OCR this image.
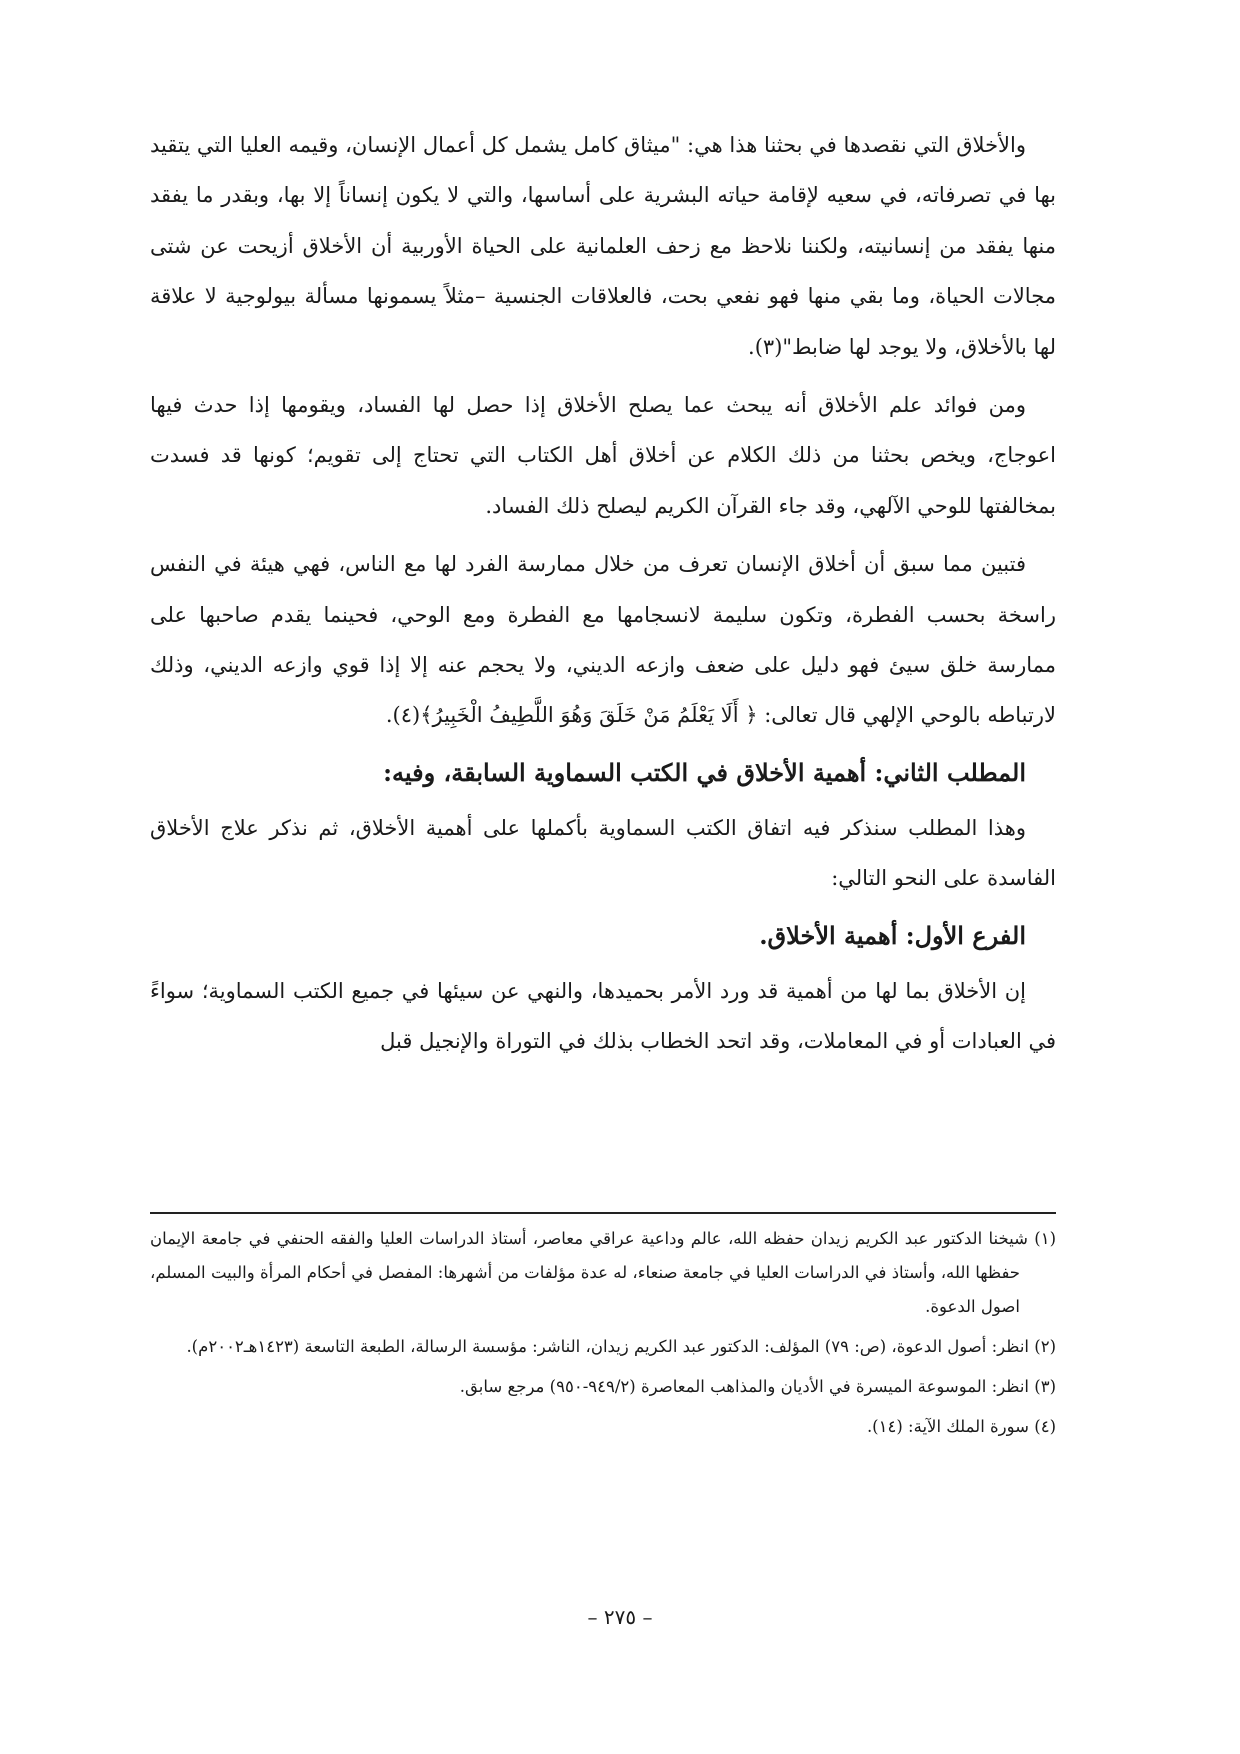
والأخلاق التي نقصدها في بحثنا هذا هي: "ميثاق كامل يشمل كل أعمال الإنسان، وقيمه العليا التي يتقيد بها في تصرفاته، في سعيه لإقامة حياته البشرية على أساسها، والتي لا يكون إنساناً إلا بها، وبقدر ما يفقد منها يفقد من إنسانيته، ولكننا نلاحظ مع زحف العلمانية على الحياة الأوربية أن الأخلاق أزيحت عن شتى مجالات الحياة، وما بقي منها فهو نفعي بحت، فالعلاقات الجنسية –مثلاً يسمونها مسألة بيولوجية لا علاقة لها بالأخلاق، ولا يوجد لها ضابط"(٣).

ومن فوائد علم الأخلاق أنه يبحث عما يصلح الأخلاق إذا حصل لها الفساد، ويقومها إذا حدث فيها اعوجاج، ويخص بحثنا من ذلك الكلام عن أخلاق أهل الكتاب التي تحتاج إلى تقويم؛ كونها قد فسدت بمخالفتها للوحي الآلهي، وقد جاء القرآن الكريم ليصلح ذلك الفساد.

فتبين مما سبق أن أخلاق الإنسان تعرف من خلال ممارسة الفرد لها مع الناس، فهي هيئة في النفس راسخة بحسب الفطرة، وتكون سليمة لانسجامها مع الفطرة ومع الوحي، فحينما يقدم صاحبها على ممارسة خلق سيئ فهو دليل على ضعف وازعه الديني، ولا يحجم عنه إلا إذا قوي وازعه الديني، وذلك لارتباطه بالوحي الإلهي قال تعالى: ﴿ أَلَا يَعْلَمُ مَنْ خَلَقَ وَهُوَ اللَّطِيفُ الْخَبِيرُ﴾(٤).

المطلب الثاني: أهمية الأخلاق في الكتب السماوية السابقة، وفيه:

وهذا المطلب سنذكر فيه اتفاق الكتب السماوية بأكملها على أهمية الأخلاق، ثم نذكر علاج الأخلاق الفاسدة على النحو التالي:

الفرع الأول: أهمية الأخلاق.

إن الأخلاق بما لها من أهمية قد ورد الأمر بحميدها، والنهي عن سيئها في جميع الكتب السماوية؛ سواءً في العبادات أو في المعاملات، وقد اتحد الخطاب بذلك في التوراة والإنجيل قبل

(١) شيخنا الدكتور عبد الكريم زيدان حفظه الله، عالم وداعية عراقي معاصر، أستاذ الدراسات العليا والفقه الحنفي في جامعة الإيمان حفظها الله، وأستاذ في الدراسات العليا في جامعة صنعاء، له عدة مؤلفات من أشهرها: المفصل في أحكام المرأة والبيت المسلم، اصول الدعوة.

(٢) انظر: أصول الدعوة، (ص: ٧٩) المؤلف: الدكتور عبد الكريم زيدان، الناشر: مؤسسة الرسالة، الطبعة التاسعة (١٤٢٣هـ٢٠٠٢م).

(٣) انظر: الموسوعة الميسرة في الأديان والمذاهب المعاصرة (٩٤٩/٢-٩٥٠) مرجع سابق.

(٤) سورة الملك الآية: (١٤).

– ٢٧٥ –
